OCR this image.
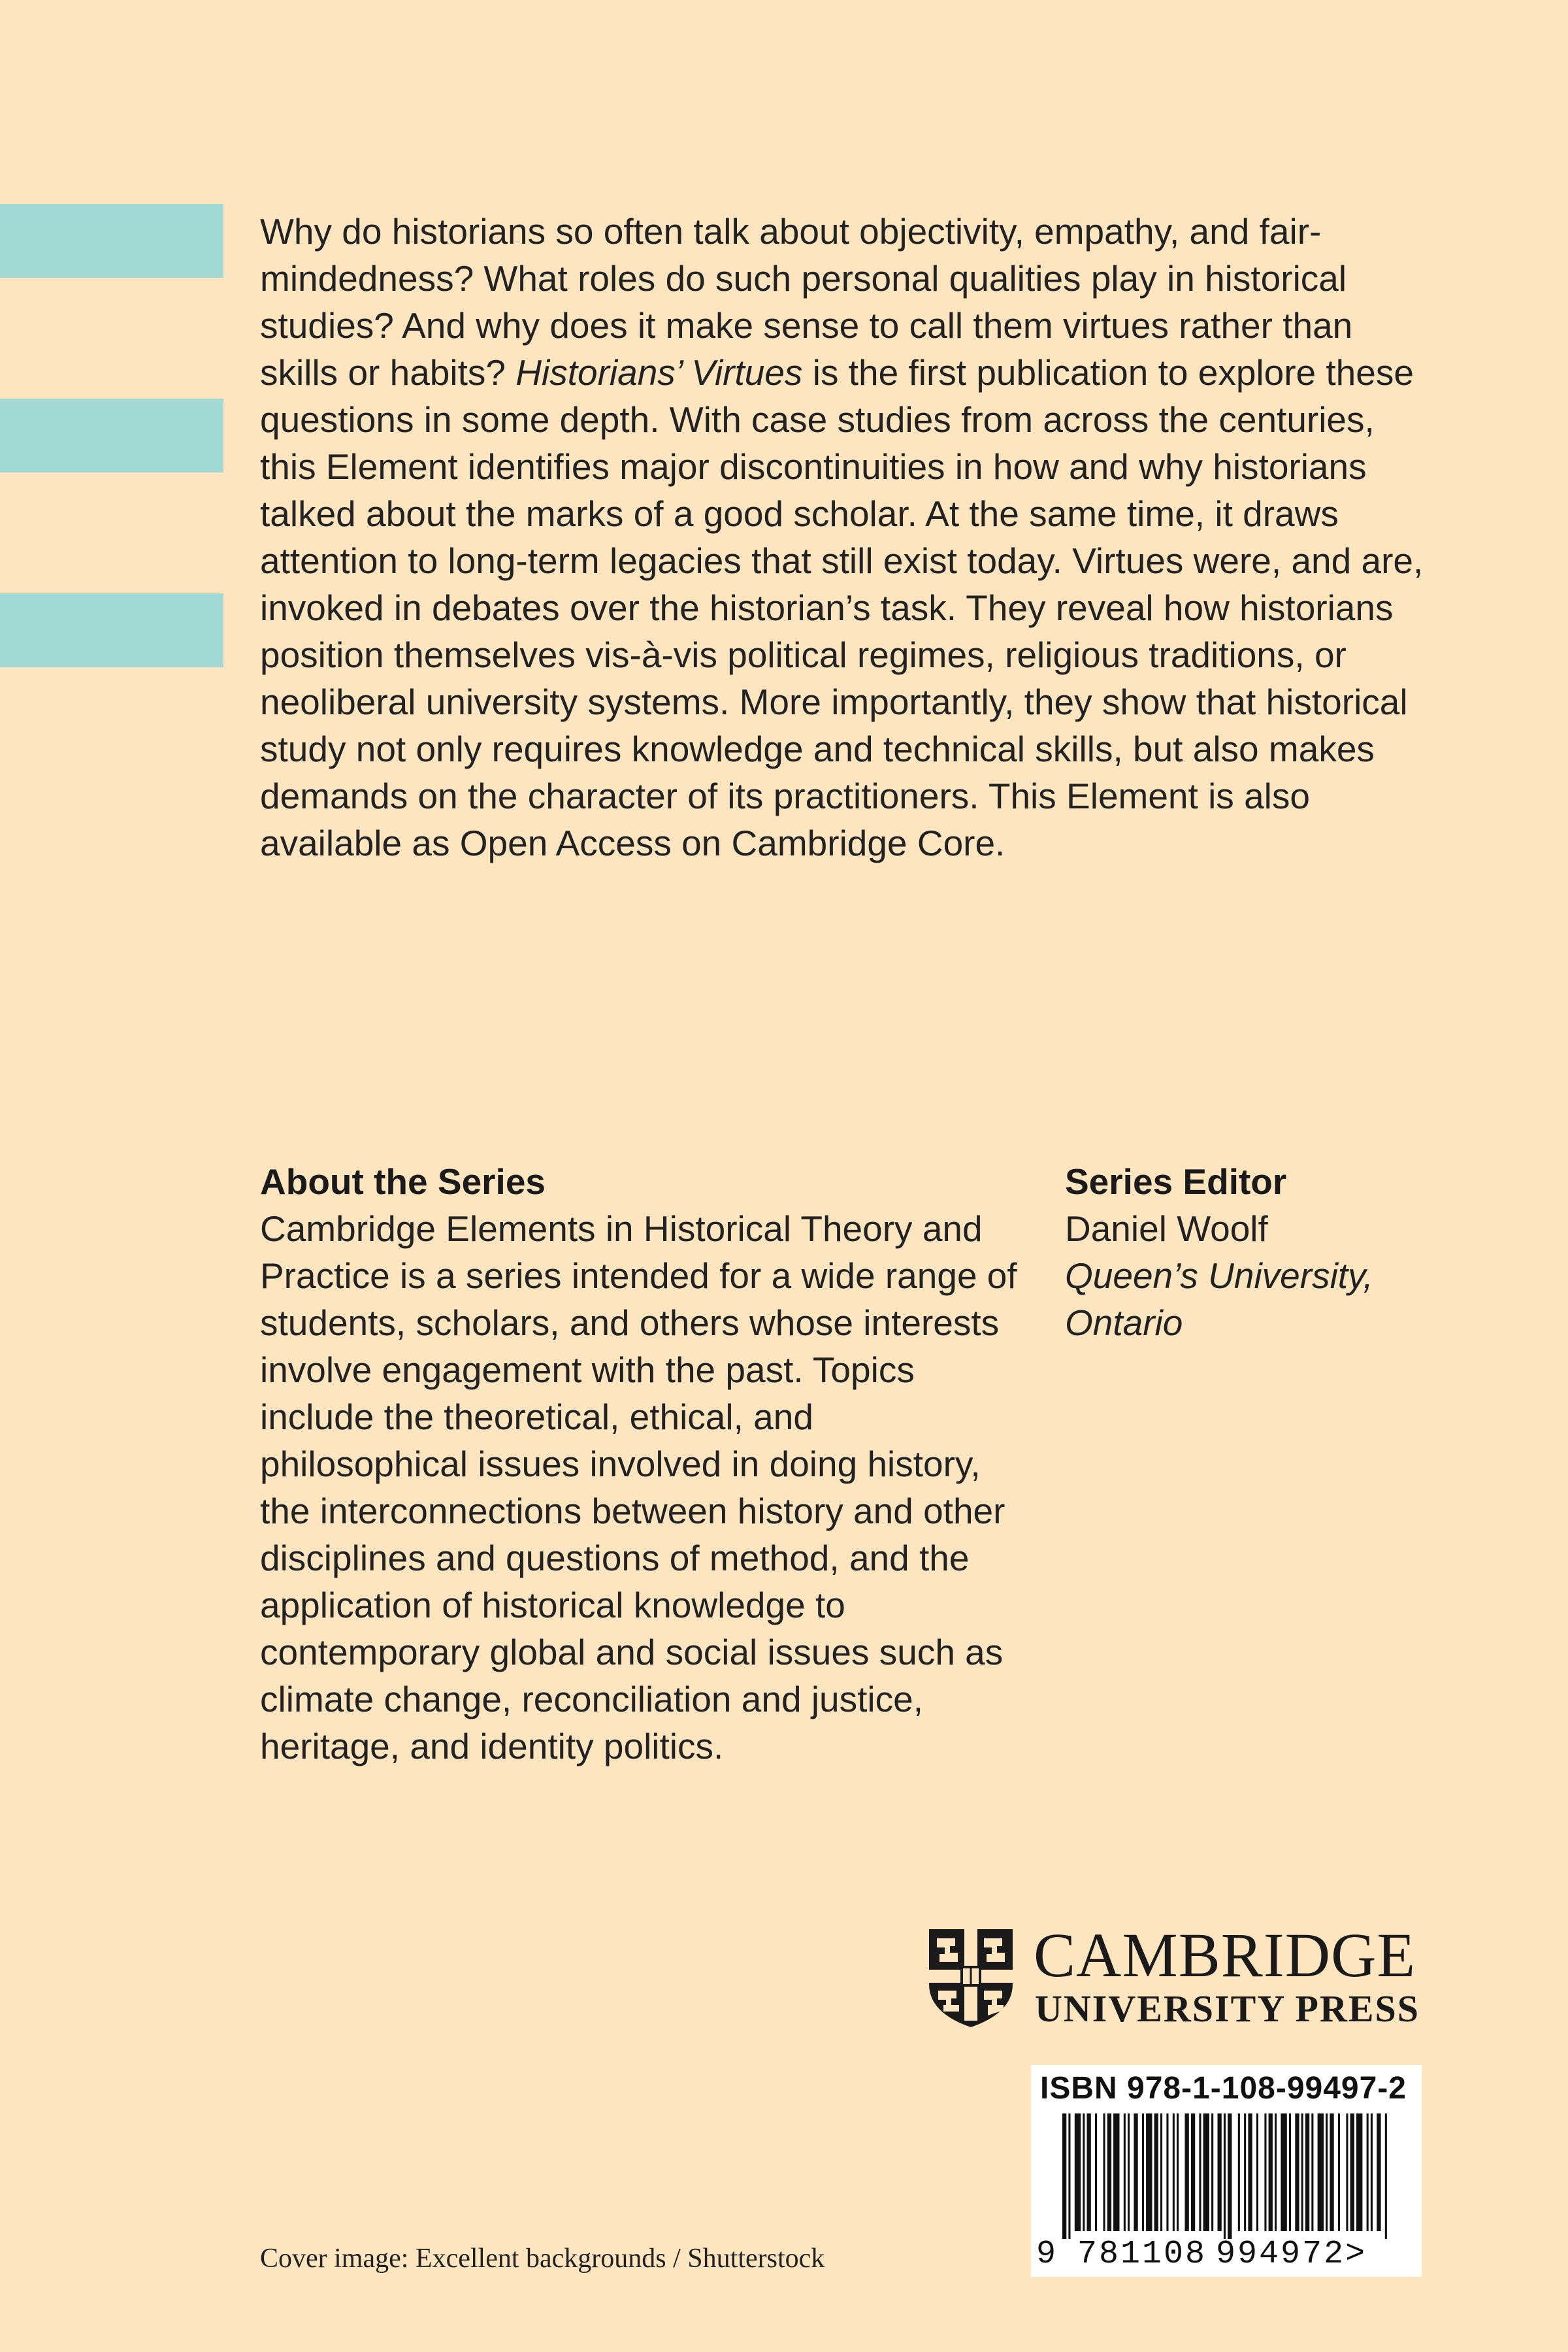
Why do historians so often talk about objectivity, empathy, and fair-mindedness? What roles do such personal qualities play in historical studies? And why does it make sense to call them virtues rather than skills or habits? Historians’ Virtues is the first publication to explore these questions in some depth. With case studies from across the centuries, this Element identifies major discontinuities in how and why historians talked about the marks of a good scholar. At the same time, it draws attention to long-term legacies that still exist today. Virtues were, and are, invoked in debates over the historian’s task. They reveal how historians position themselves vis-à-vis political regimes, religious traditions, or neoliberal university systems. More importantly, they show that historical study not only requires knowledge and technical skills, but also makes demands on the character of its practitioners. This Element is also available as Open Access on Cambridge Core.

About the Series

Cambridge Elements in Historical Theory and Practice is a series intended for a wide range of students, scholars, and others whose interests involve engagement with the past. Topics include the theoretical, ethical, and philosophical issues involved in doing history, the interconnections between history and other disciplines and questions of method, and the application of historical knowledge to contemporary global and social issues such as climate change, reconciliation and justice, heritage, and identity politics.

Series Editor
Daniel Woolf
Queen’s University,
Ontario
CAMBRIDGE
UNIVERSITY PRESS
ISBN 978-1-108-99497-2
9 781108 994972>
Cover image: Excellent backgrounds / Shutterstock
